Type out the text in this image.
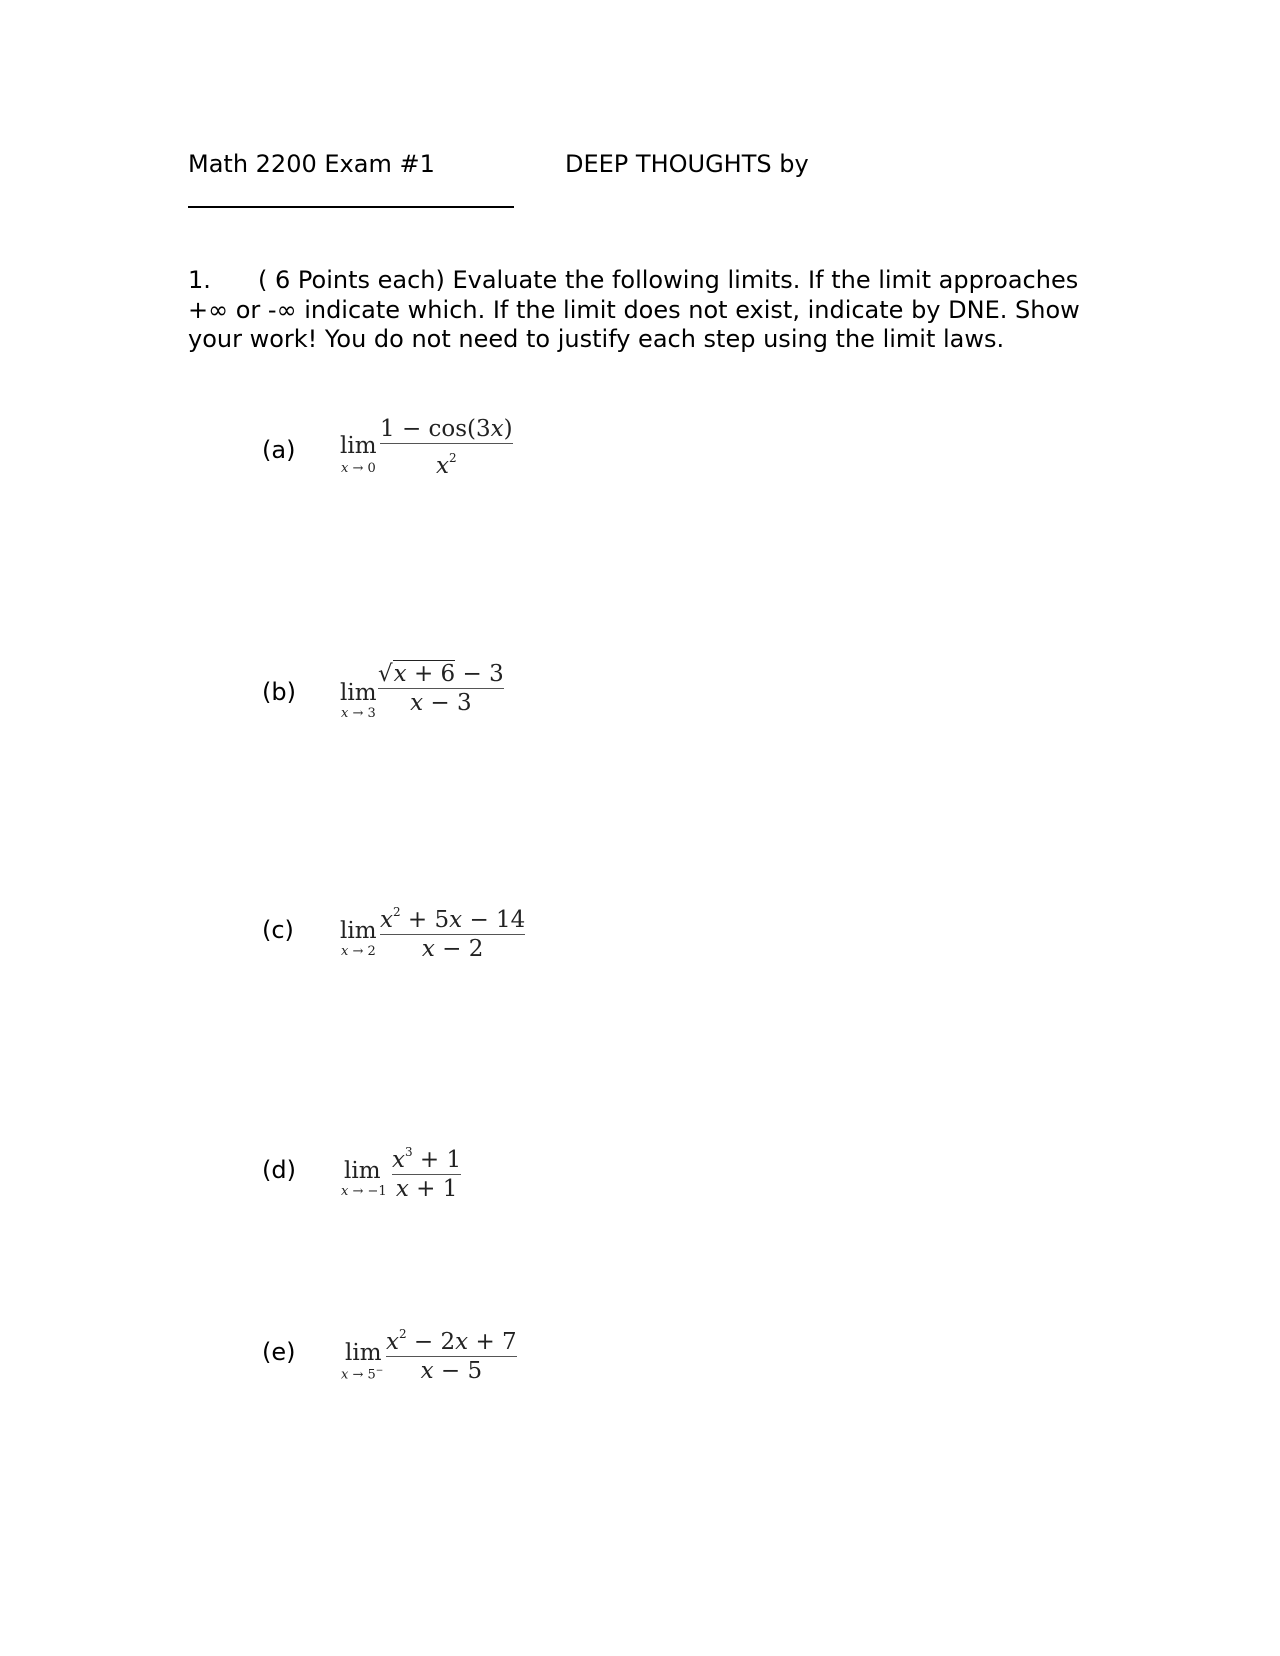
Math 2200 Exam #1	DEEP THOUGHTS by
1. ( 6 Points each) Evaluate the following limits. If the limit approaches +∞ or -∞ indicate which. If the limit does not exist, indicate by DNE. Show your work! You do not need to justify each step using the limit laws.
(a) lim
x → 0
1 − cos(3x)
$x^2$
(b) lim
x → 3
√x + 6 − 3
x − 3
(c) lim
x → 2
$x^2 + 5x - 14$
x − 2
(d) lim
x → −1
$x^3 + 1$
x + 1
(e) lim
x → 5−
$x^2 - 2x + 7$
x − 5
